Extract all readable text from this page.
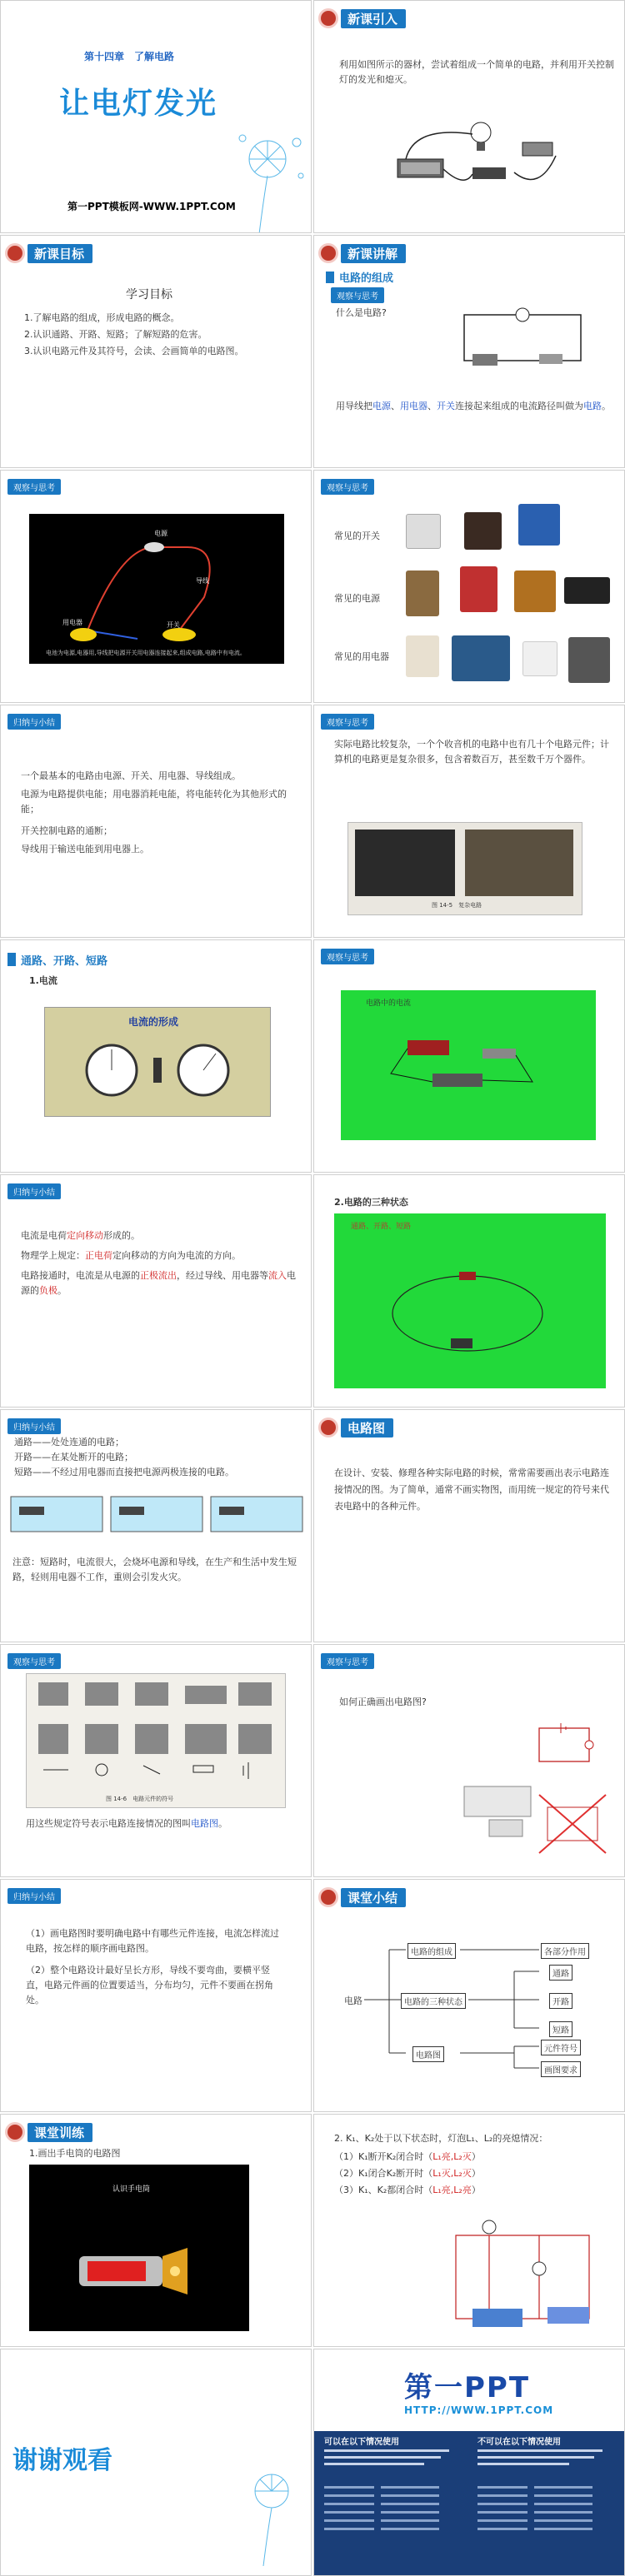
第十四章　了解电路
让电灯发光
第一PPT模板网-WWW.1PPT.COM
新课引入
利用如图所示的器材，尝试着组成一个简单的电路，并利用开关控制灯的发光和熄灭。
新课目标
学习目标
1.了解电路的组成，形成电路的概念。
2.认识通路、开路、短路；了解短路的危害。
3.认识电路元件及其符号，会读、会画简单的电路图。
新课讲解
电路的组成
观察与思考
什么是电路?
用导线把电源、用电器、开关连接起来组成的电流路径叫做为电路。
观察与思考
电源
导线
用电器	开关
电池为电源,电器用,导线把电源开关用电器连接起来,组成电路,电路中有电流。
观察与思考
常见的开关
常见的电源
常见的用电器
归纳与小结
一个最基本的电路由电源、开关、用电器、导线组成。
电源为电路提供电能；用电器消耗电能，将电能转化为其他形式的能；
开关控制电路的通断；
导线用于输送电能到用电器上。
观察与思考
实际电路比较复杂，一个个收音机的电路中也有几十个电路元件；计算机的电路更是复杂很多，包含着数百万，甚至数千万个器件。
图 14-5　复杂电路
通路、开路、短路
1.电流
电流的形成
观察与思考
电路中的电流
归纳与小结
电流是电荷定向移动形成的。
物理学上规定：正电荷定向移动的方向为电流的方向。
电路接通时，电流是从电源的正极流出，经过导线、用电器等流入电源的负极。
2.电路的三种状态
通路、开路、短路
归纳与小结
通路——处处连通的电路；
开路——在某处断开的电路；
短路——不经过用电器而直接把电源两极连接的电路。
注意：短路时，电流很大，会烧坏电源和导线，在生产和生活中发生短路，轻则用电器不工作，重则会引发火灾。
电路图
在设计、安装、修理各种实际电路的时候，常常需要画出表示电路连接情况的图。为了简单，通常不画实物图，而用统一规定的符号来代表电路中的各种元件。
观察与思考
图 14-6　电路元件的符号
用这些规定符号表示电路连接情况的图叫电路图。
观察与思考
如何正确画出电路图?
归纳与小结
（1）画电路图时要明确电路中有哪些元件连接，电流怎样流过电路，按怎样的顺序画电路图。
（2）整个电路设计最好呈长方形，导线不要弯曲，要横平竖直，电路元件画的位置要适当，分布均匀，元件不要画在拐角处。
课堂小结
电路
电路的组成
电路的三种状态
电路图
各部分作用
通路
开路
短路
元件符号
画图要求
课堂训练
1.画出手电筒的电路图
认识手电筒
2. K₁、K₂处于以下状态时，灯泡L₁、L₂的亮熄情况：
（1）K₁断开K₂闭合时（L₁亮,L₂灭）
（2）K₁闭合K₂断开时（L₁灭,L₂灭）
（3）K₁、K₂都闭合时（L₁亮,L₂亮）
谢谢观看
第一PPT
HTTP://WWW.1PPT.COM
可以在以下情况使用	不可以在以下情况使用
